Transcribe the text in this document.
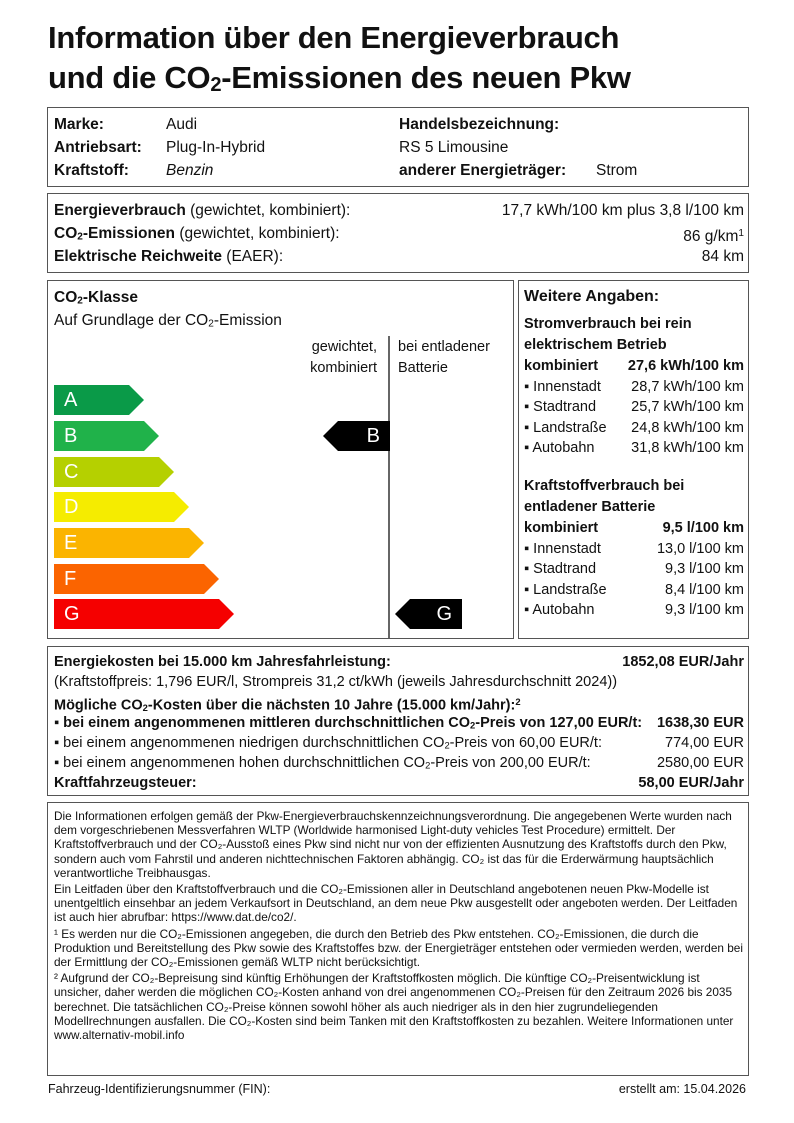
Information über den Energieverbrauch
und die CO2-Emissionen des neuen Pkw
Marke:	Audi
Antriebsart: Plug-In-Hybrid
Kraftstoff: Benzin
Handelsbezeichnung:
RS 5 Limousine
anderer Energieträger: Strom
Energieverbrauch (gewichtet, kombiniert):	17,7 kWh/100 km plus 3,8 l/100 km
CO2-Emissionen (gewichtet, kombiniert):	86 $g/km^1$
Elektrische Reichweite (EAER):	84 km
CO2-Klasse
Auf Grundlage der CO2-Emission
gewichtet,
kombiniert
bei entladener
Batterie
A
B
C
D
E
F
G
B
G
Weitere Angaben:
Stromverbrauch bei rein
elektrischem Betrieb
kombiniert 27,6 kWh/100 km
▪ Innenstadt 28,7 kWh/100 km
▪ Stadtrand 25,7 kWh/100 km
▪ Landstraße 24,8 kWh/100 km
▪ Autobahn	31,8 kWh/100 km
Kraftstoffverbrauch bei
entladener Batterie
kombiniert	9,5 l/100 km
▪ Innenstadt	13,0 l/100 km
▪ Stadtrand	9,3 l/100 km
▪ Landstraße	8,4 l/100 km
▪ Autobahn	9,3 l/100 km
Energiekosten bei 15.000 km Jahresfahrleistung:	1852,08 EUR/Jahr
(Kraftstoffpreis: 1,796 EUR/l, Strompreis 31,2 ct/kWh (jeweils Jahresdurchschnitt 2024))
Mögliche CO2-Kosten über die nächsten 10 Jahre (15.000 km/Jahr):$^2$
▪ bei einem angenommenen mittleren durchschnittlichen CO2-Preis von 127,00 EUR/t: 1638,30 EUR
▪ bei einem angenommenen niedrigen durchschnittlichen CO2-Preis von 60,00 EUR/t:	774,00 EUR
▪ bei einem angenommenen hohen durchschnittlichen CO2-Preis von 200,00 EUR/t:	2580,00 EUR
Kraftfahrzeugsteuer:	58,00 EUR/Jahr

Die Informationen erfolgen gemäß der Pkw-Energieverbrauchskennzeichnungsverordnung. Die angegebenen Werte wurden nach dem vorgeschriebenen Messverfahren WLTP (Worldwide harmonised Light-duty vehicles Test Procedure) ermittelt. Der Kraftstoffverbrauch und der CO₂-Ausstoß eines Pkw sind nicht nur von der effizienten Ausnutzung des Kraftstoffs durch den Pkw, sondern auch vom Fahrstil und anderen nichttechnischen Faktoren abhängig. CO₂ ist das für die Erderwärmung hauptsächlich verantwortliche Treibhausgas.

Ein Leitfaden über den Kraftstoffverbrauch und die CO₂-Emissionen aller in Deutschland angebotenen neuen Pkw-Modelle ist unentgeltlich einsehbar an jedem Verkaufsort in Deutschland, an dem neue Pkw ausgestellt oder angeboten werden. Der Leitfaden ist auch hier abrufbar: https://www.dat.de/co2/.

¹ Es werden nur die CO₂-Emissionen angegeben, die durch den Betrieb des Pkw entstehen. CO₂-Emissionen, die durch die Produktion und Bereitstellung des Pkw sowie des Kraftstoffes bzw. der Energieträger entstehen oder vermieden werden, werden bei der Ermittlung der CO₂-Emissionen gemäß WLTP nicht berücksichtigt.

² Aufgrund der CO₂-Bepreisung sind künftig Erhöhungen der Kraftstoffkosten möglich. Die künftige CO₂-Preisentwicklung ist unsicher, daher werden die möglichen CO₂-Kosten anhand von drei angenommenen CO₂-Preisen für den Zeitraum 2026 bis 2035 berechnet. Die tatsächlichen CO₂-Preise können sowohl höher als auch niedriger als in den hier zugrundeliegenden Modellrechnungen ausfallen. Die CO₂-Kosten sind beim Tanken mit den Kraftstoffkosten zu bezahlen. Weitere Informationen unter www.alternativ-mobil.info

Fahrzeug-Identifizierungsnummer (FIN):	erstellt am: 15.04.2026
